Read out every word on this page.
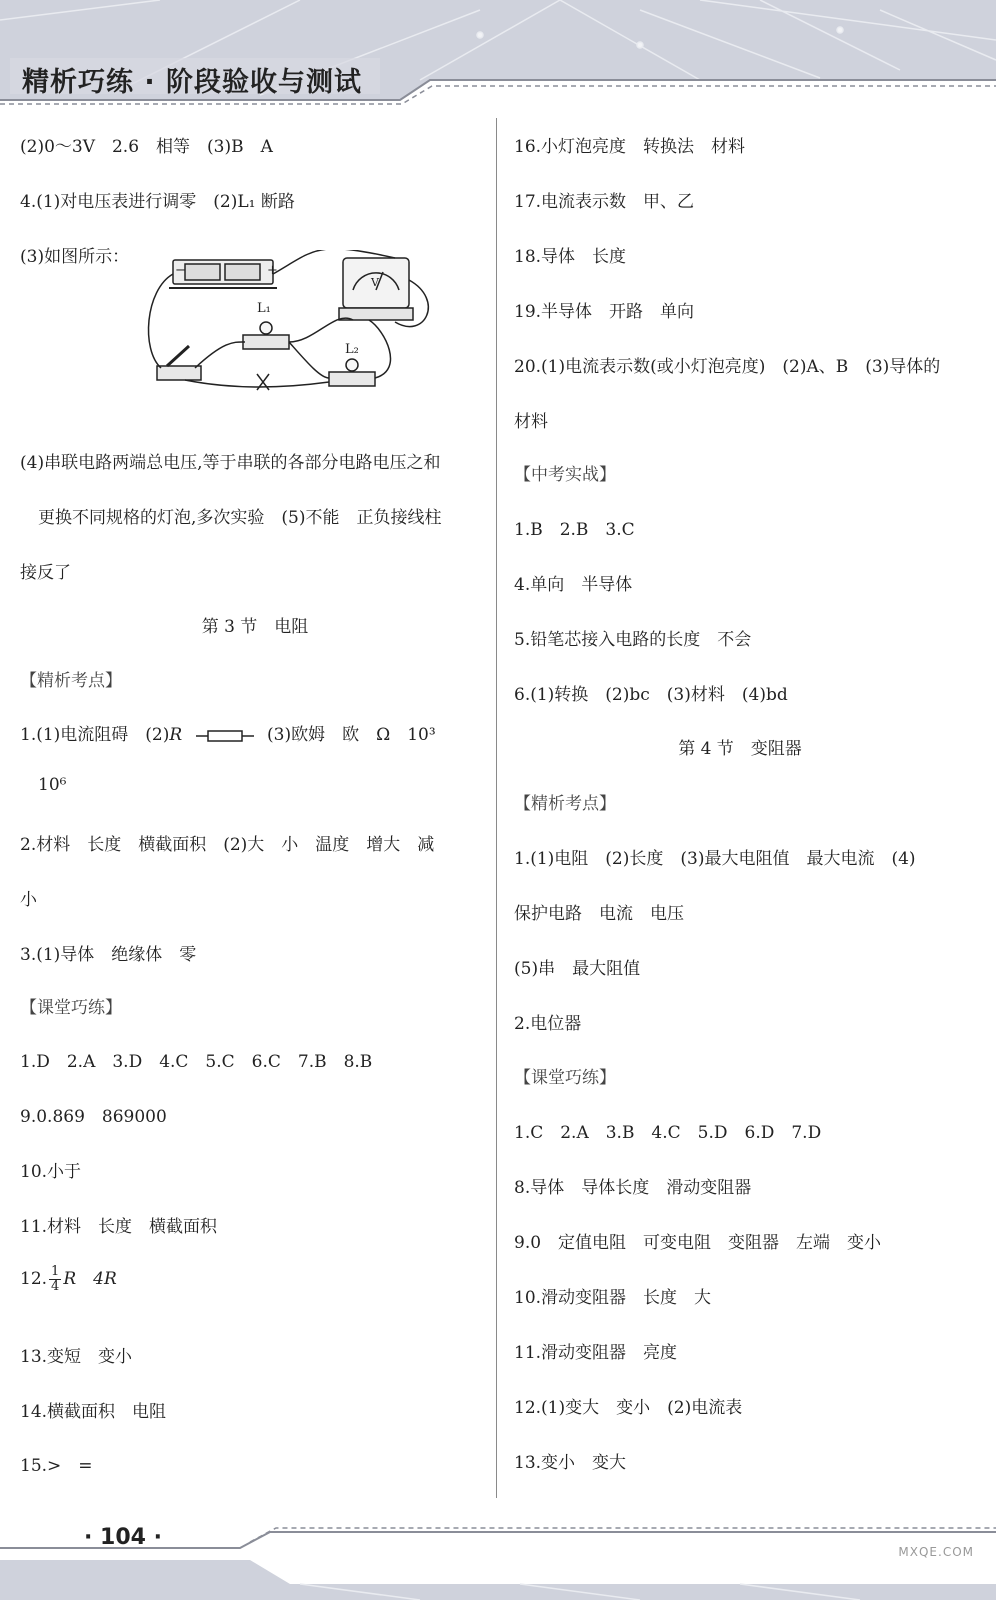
精析巧练 · 阶段验收与测试
(2)0～3V　2.6　相等　(3)B　A
4.(1)对电压表进行调零　(2)L₁ 断路
(3)如图所示：
L₁
L₂
V
−	+
(4)串联电路两端总电压,等于串联的各部分电路电压之和
更换不同规格的灯泡,多次实验　(5)不能　正负接线柱
接反了
第 3 节　电阻
【精析考点】
1.(1)电流阻碍　(2)R	(3)欧姆　欧　Ω　10³
10⁶
2.材料　长度　横截面积　(2)大　小　温度　增大　减
小
3.(1)导体　绝缘体　零
【课堂巧练】
1.D　2.A　3.D　4.C　5.C　6.C　7.B　8.B
9.0.869　869000
10.小于
11.材料　长度　横截面积
12. $\frac{1}{4}$ R　4R
13.变短　变小
14.横截面积　电阻
15.>　=
16.小灯泡亮度　转换法　材料
17.电流表示数　甲、乙
18.导体　长度
19.半导体　开路　单向
20.(1)电流表示数(或小灯泡亮度)　(2)A、B　(3)导体的
材料
【中考实战】
1.B　2.B　3.C
4.单向　半导体
5.铅笔芯接入电路的长度　不会
6.(1)转换　(2)bc　(3)材料　(4)bd
第 4 节　变阻器
【精析考点】
1.(1)电阻　(2)长度　(3)最大电阻值　最大电流　(4)
保护电路　电流　电压
(5)串　最大阻值
2.电位器
【课堂巧练】
1.C　2.A　3.B　4.C　5.D　6.D　7.D
8.导体　导体长度　滑动变阻器
9.0　定值电阻　可变电阻　变阻器　左端　变小
10.滑动变阻器　长度　大
11.滑动变阻器　亮度
12.(1)变大　变小　(2)电流表
13.变小　变大
· 104 ·
MXQE.COM
